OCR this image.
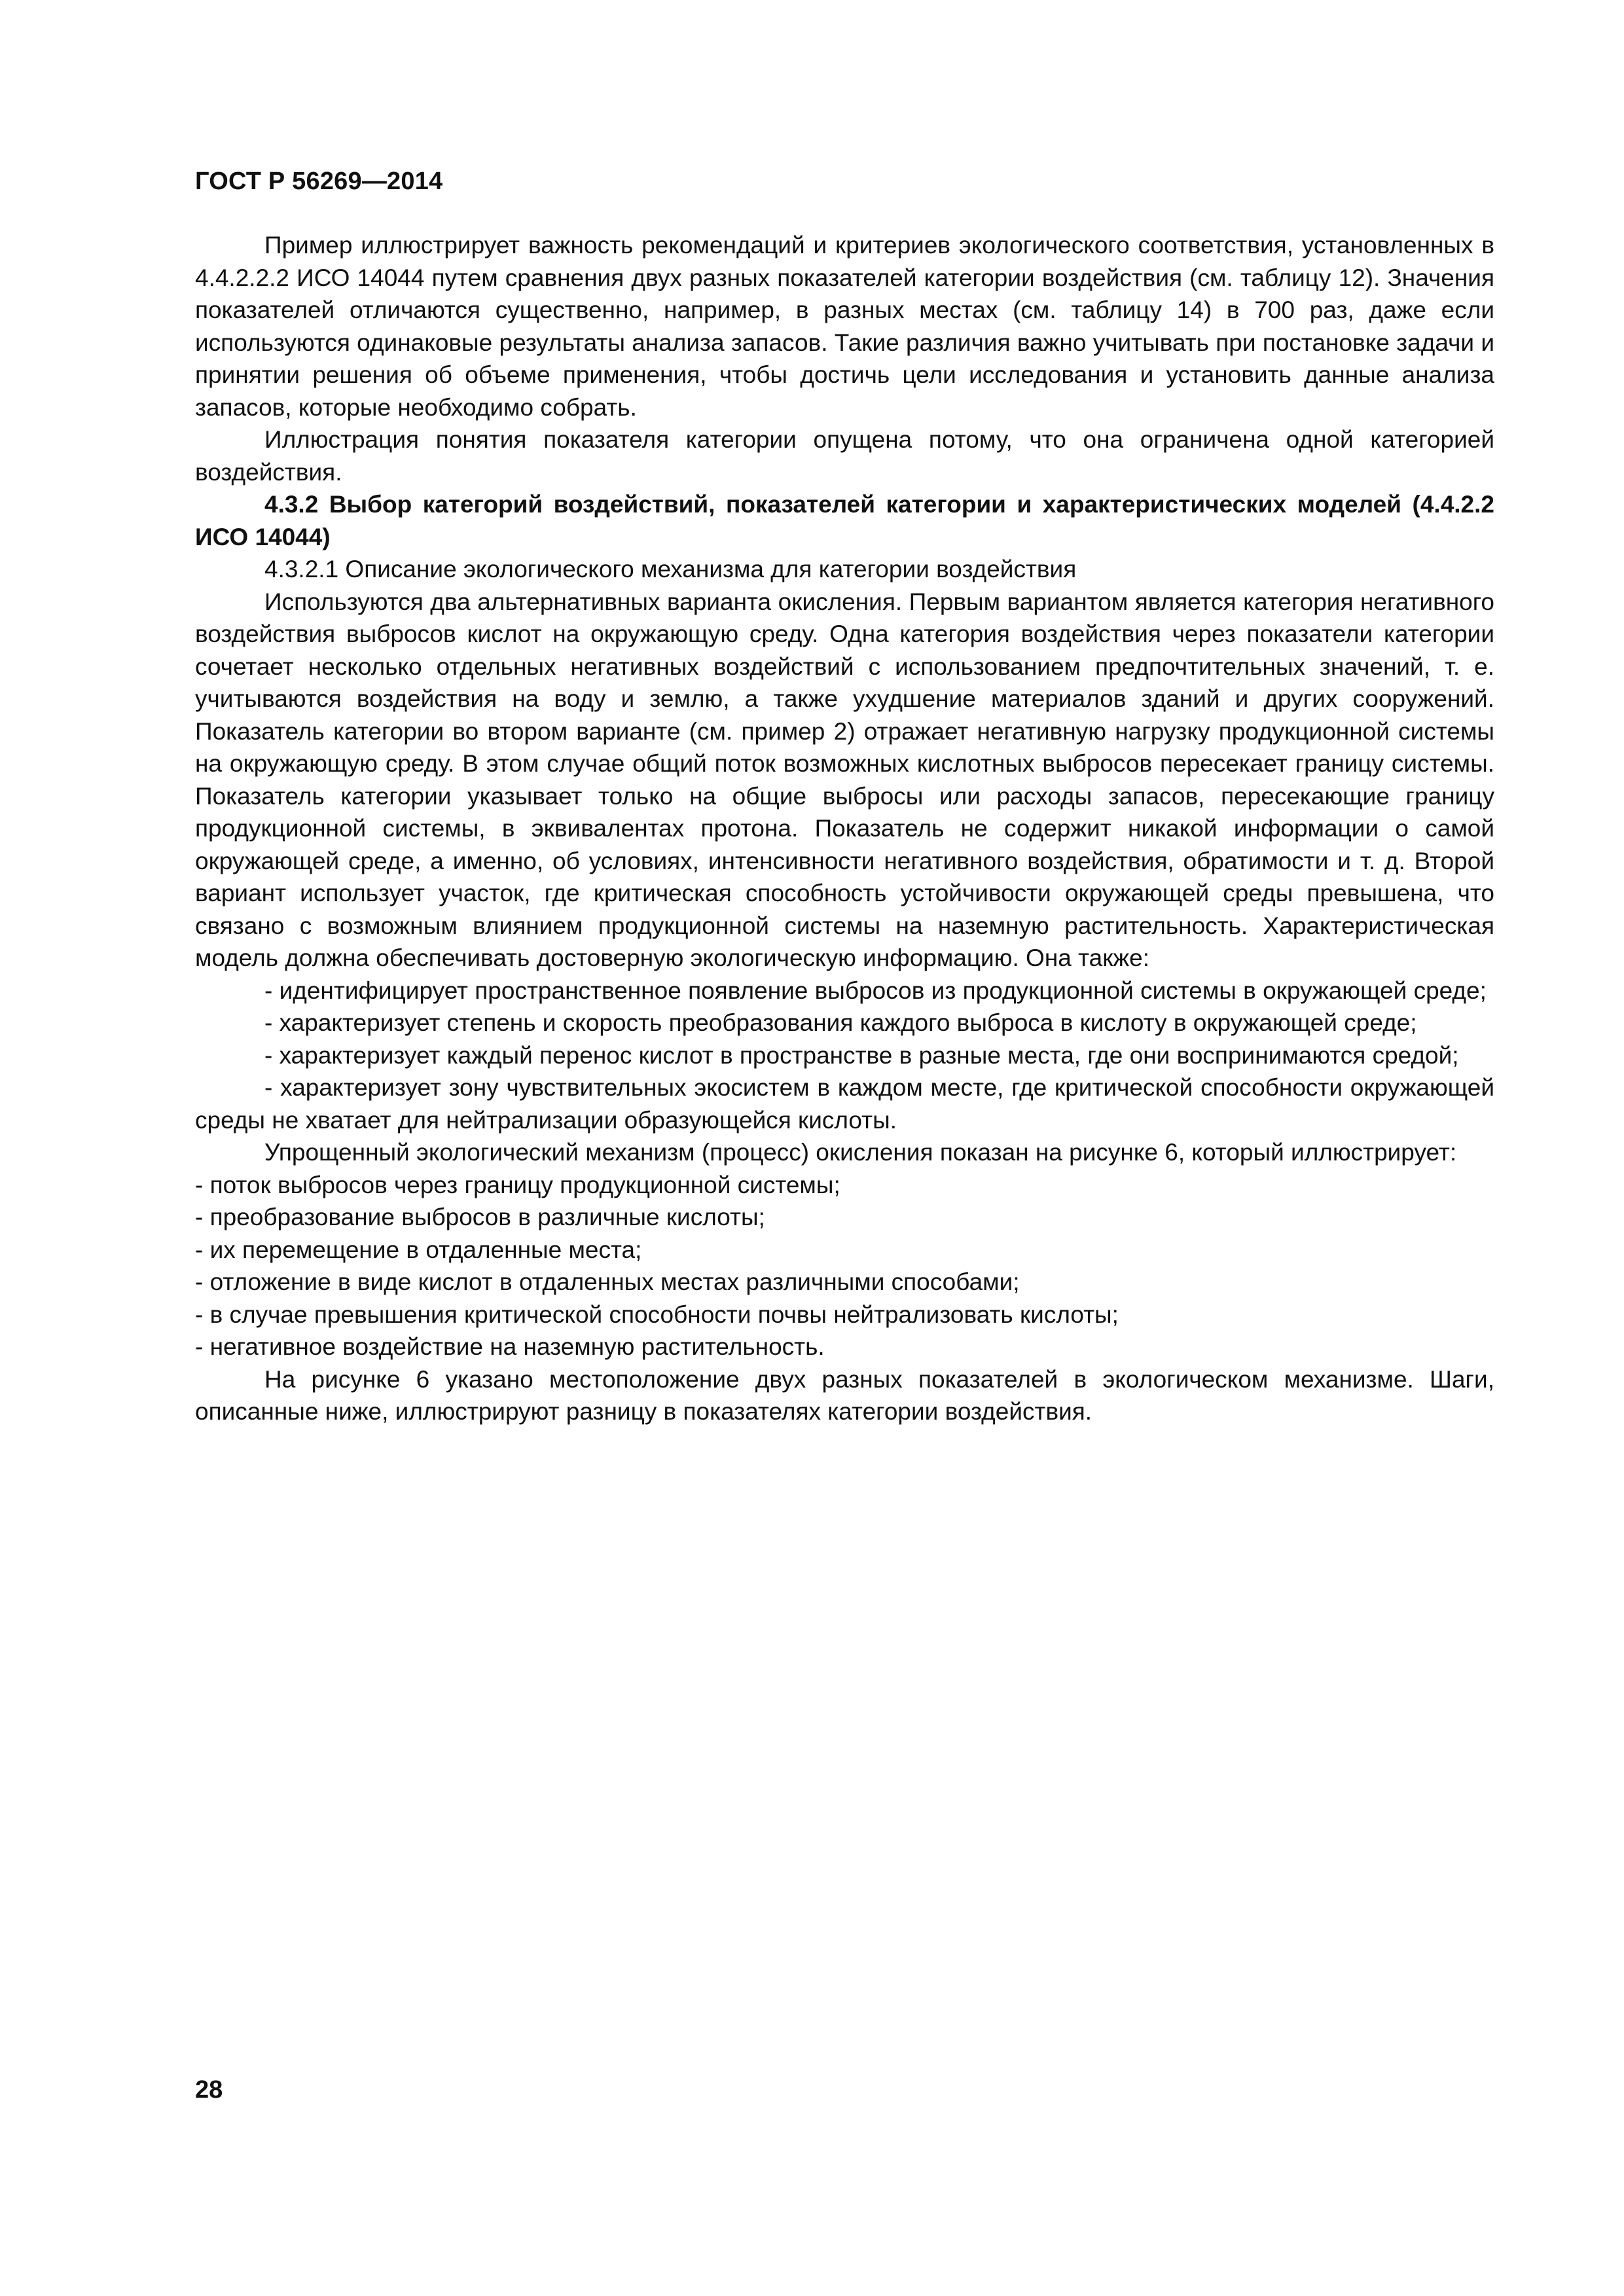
ГОСТ Р 56269—2014

Пример иллюстрирует важность рекомендаций и критериев экологического соответствия, установленных в 4.4.2.2.2 ИСО 14044 путем сравнения двух разных показателей категории воздействия (см. таблицу 12). Значения показателей отличаются существенно, например, в разных местах (см. таблицу 14) в 700 раз, даже если используются одинаковые результаты анализа запасов. Такие различия важно учитывать при постановке задачи и принятии решения об объеме применения, чтобы достичь цели исследования и установить данные анализа запасов, которые необходимо собрать.

Иллюстрация понятия показателя категории опущена потому, что она ограничена одной категорией воздействия.

4.3.2 Выбор категорий воздействий, показателей категории и характеристических моделей (4.4.2.2 ИСО 14044)

4.3.2.1 Описание экологического механизма для категории воздействия

Используются два альтернативных варианта окисления. Первым вариантом является категория негативного воздействия выбросов кислот на окружающую среду. Одна категория воздействия через показатели категории сочетает несколько отдельных негативных воздействий с использованием предпочтительных значений, т. е. учитываются воздействия на воду и землю, а также ухудшение материалов зданий и других сооружений. Показатель категории во втором варианте (см. пример 2) отражает негативную нагрузку продукционной системы на окружающую среду. В этом случае общий поток возможных кислотных выбросов пересекает границу системы. Показатель категории указывает только на общие выбросы или расходы запасов, пересекающие границу продукционной системы, в эквивалентах протона. Показатель не содержит никакой информации о самой окружающей среде, а именно, об условиях, интенсивности негативного воздействия, обратимости и т. д. Второй вариант использует участок, где критическая способность устойчивости окружающей среды превышена, что связано с возможным влиянием продукционной системы на наземную растительность. Характеристическая модель должна обеспечивать достоверную экологическую информацию. Она также:

- идентифицирует пространственное появление выбросов из продукционной системы в окружающей среде;

- характеризует степень и скорость преобразования каждого выброса в кислоту в окружающей среде;

- характеризует каждый перенос кислот в пространстве в разные места, где они воспринимаются средой;

- характеризует зону чувствительных экосистем в каждом месте, где критической способности окружающей среды не хватает для нейтрализации образующейся кислоты.

Упрощенный экологический механизм (процесс) окисления показан на рисунке 6, который иллюстрирует:

- поток выбросов через границу продукционной системы;

- преобразование выбросов в различные кислоты;

- их перемещение в отдаленные места;

- отложение в виде кислот в отдаленных местах различными способами;

- в случае превышения критической способности почвы нейтрализовать кислоты;

- негативное воздействие на наземную растительность.

На рисунке 6 указано местоположение двух разных показателей в экологическом механизме. Шаги, описанные ниже, иллюстрируют разницу в показателях категории воздействия.

28
